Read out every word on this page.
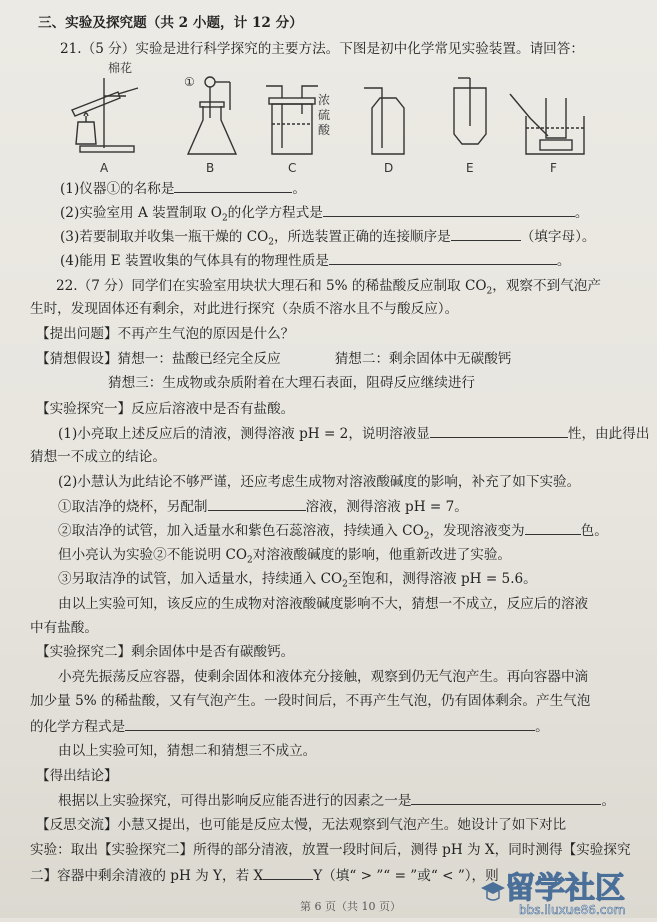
三、实验及探究题（共 2 小题，计 12 分）
21.（5 分）实验是进行科学探究的主要方法。下图是初中化学常见实验装置。请回答：
棉花
①
浓
硫
酸
A	B	C	D	E	F
(1)仪器①的名称是	。
(2)实验室用 A 装置制取 $O_2$的化学方程式是	。
(3)若要制取并收集一瓶干燥的 $CO_2$，所选装置正确的连接顺序是	（填字母）。
(4)能用 E 装置收集的气体具有的物理性质是	。
22.（7 分）同学们在实验室用块状大理石和 5% 的稀盐酸反应制取 $CO_2$，观察不到气泡产
生时，发现固体还有剩余，对此进行探究（杂质不溶水且不与酸反应）。
【提出问题】不再产生气泡的原因是什么？
【猜想假设】猜想一：盐酸已经完全反应	猜想二：剩余固体中无碳酸钙
猜想三：生成物或杂质附着在大理石表面，阻碍反应继续进行
【实验探究一】反应后溶液中是否有盐酸。
(1)小亮取上述反应后的清液，测得溶液 pH = 2，说明溶液显	性，由此得出
猜想一不成立的结论。
(2)小慧认为此结论不够严谨，还应考虑生成物对溶液酸碱度的影响，补充了如下实验。
①取洁净的烧杯，另配制	溶液，测得溶液 pH = 7。
②取洁净的试管，加入适量水和紫色石蕊溶液，持续通入 $CO_2$，发现溶液变为	色。
但小亮认为实验②不能说明 $CO_2$对溶液酸碱度的影响，他重新改进了实验。
③另取洁净的试管，加入适量水，持续通入 $CO_2$至饱和，测得溶液 pH = 5.6。
由以上实验可知，该反应的生成物对溶液酸碱度影响不大，猜想一不成立，反应后的溶液
中有盐酸。
【实验探究二】剩余固体中是否有碳酸钙。
小亮先振荡反应容器，使剩余固体和液体充分接触，观察到仍无气泡产生。再向容器中滴
加少量 5% 的稀盐酸，又有气泡产生。一段时间后，不再产生气泡，仍有固体剩余。产生气泡
的化学方程式是	。
由以上实验可知，猜想二和猜想三不成立。
【得出结论】
根据以上实验探究，可得出影响反应能否进行的因素之一是	。
【反思交流】小慧又提出，也可能是反应太慢，无法观察到气泡产生。她设计了如下对比
实验：取出【实验探究二】所得的部分清液，放置一段时间后，测得 pH 为 X，同时测得【实验探究
二】容器中剩余清液的 pH 为 Y，若 X	Y（填“ > ”“ = ”或“ < ”），则
第 6 页（共 10 页）
留学社区
bbs.liuxue86.com
